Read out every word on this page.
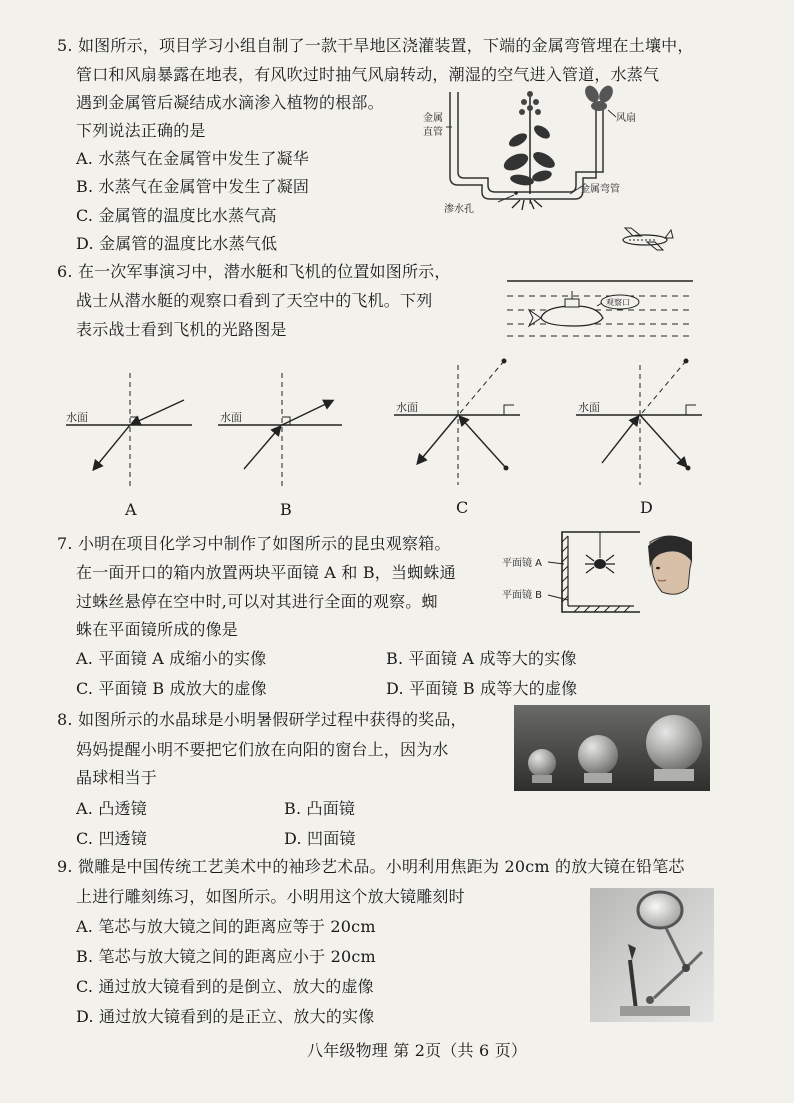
5. 如图所示，项目学习小组自制了一款干旱地区浇灌装置，下端的金属弯管埋在土壤中，
管口和风扇暴露在地表，有风吹过时抽气风扇转动，潮湿的空气进入管道，水蒸气
遇到金属管后凝结成水滴渗入植物的根部。
下列说法正确的是
A. 水蒸气在金属管中发生了凝华
B. 水蒸气在金属管中发生了凝固
C. 金属管的温度比水蒸气高
D. 金属管的温度比水蒸气低
风扇
金属
直管
金属弯管
渗水孔
6. 在一次军事演习中，潜水艇和飞机的位置如图所示，
战士从潜水艇的观察口看到了天空中的飞机。下列
表示战士看到飞机的光路图是
观察口
水面	水面
水面	水面
A	B	C	D
7. 小明在项目化学习中制作了如图所示的昆虫观察箱。
在一面开口的箱内放置两块平面镜 A 和 B，当蜘蛛通
过蛛丝悬停在空中时,可以对其进行全面的观察。蜘
蛛在平面镜所成的像是
A. 平面镜 A 成缩小的实像	B. 平面镜 A 成等大的实像
C. 平面镜 B 成放大的虚像	D. 平面镜 B 成等大的虚像
平面镜 A
平面镜 B
8. 如图所示的水晶球是小明暑假研学过程中获得的奖品，
妈妈提醒小明不要把它们放在向阳的窗台上，因为水
晶球相当于
A. 凸透镜	B. 凸面镜
C. 凹透镜	D. 凹面镜
9. 微雕是中国传统工艺美术中的袖珍艺术品。小明利用焦距为 20cm 的放大镜在铅笔芯
上进行雕刻练习，如图所示。小明用这个放大镜雕刻时
A. 笔芯与放大镜之间的距离应等于 20cm
B. 笔芯与放大镜之间的距离应小于 20cm
C. 通过放大镜看到的是倒立、放大的虚像
D. 通过放大镜看到的是正立、放大的实像
八年级物理 第 2页（共 6 页）
